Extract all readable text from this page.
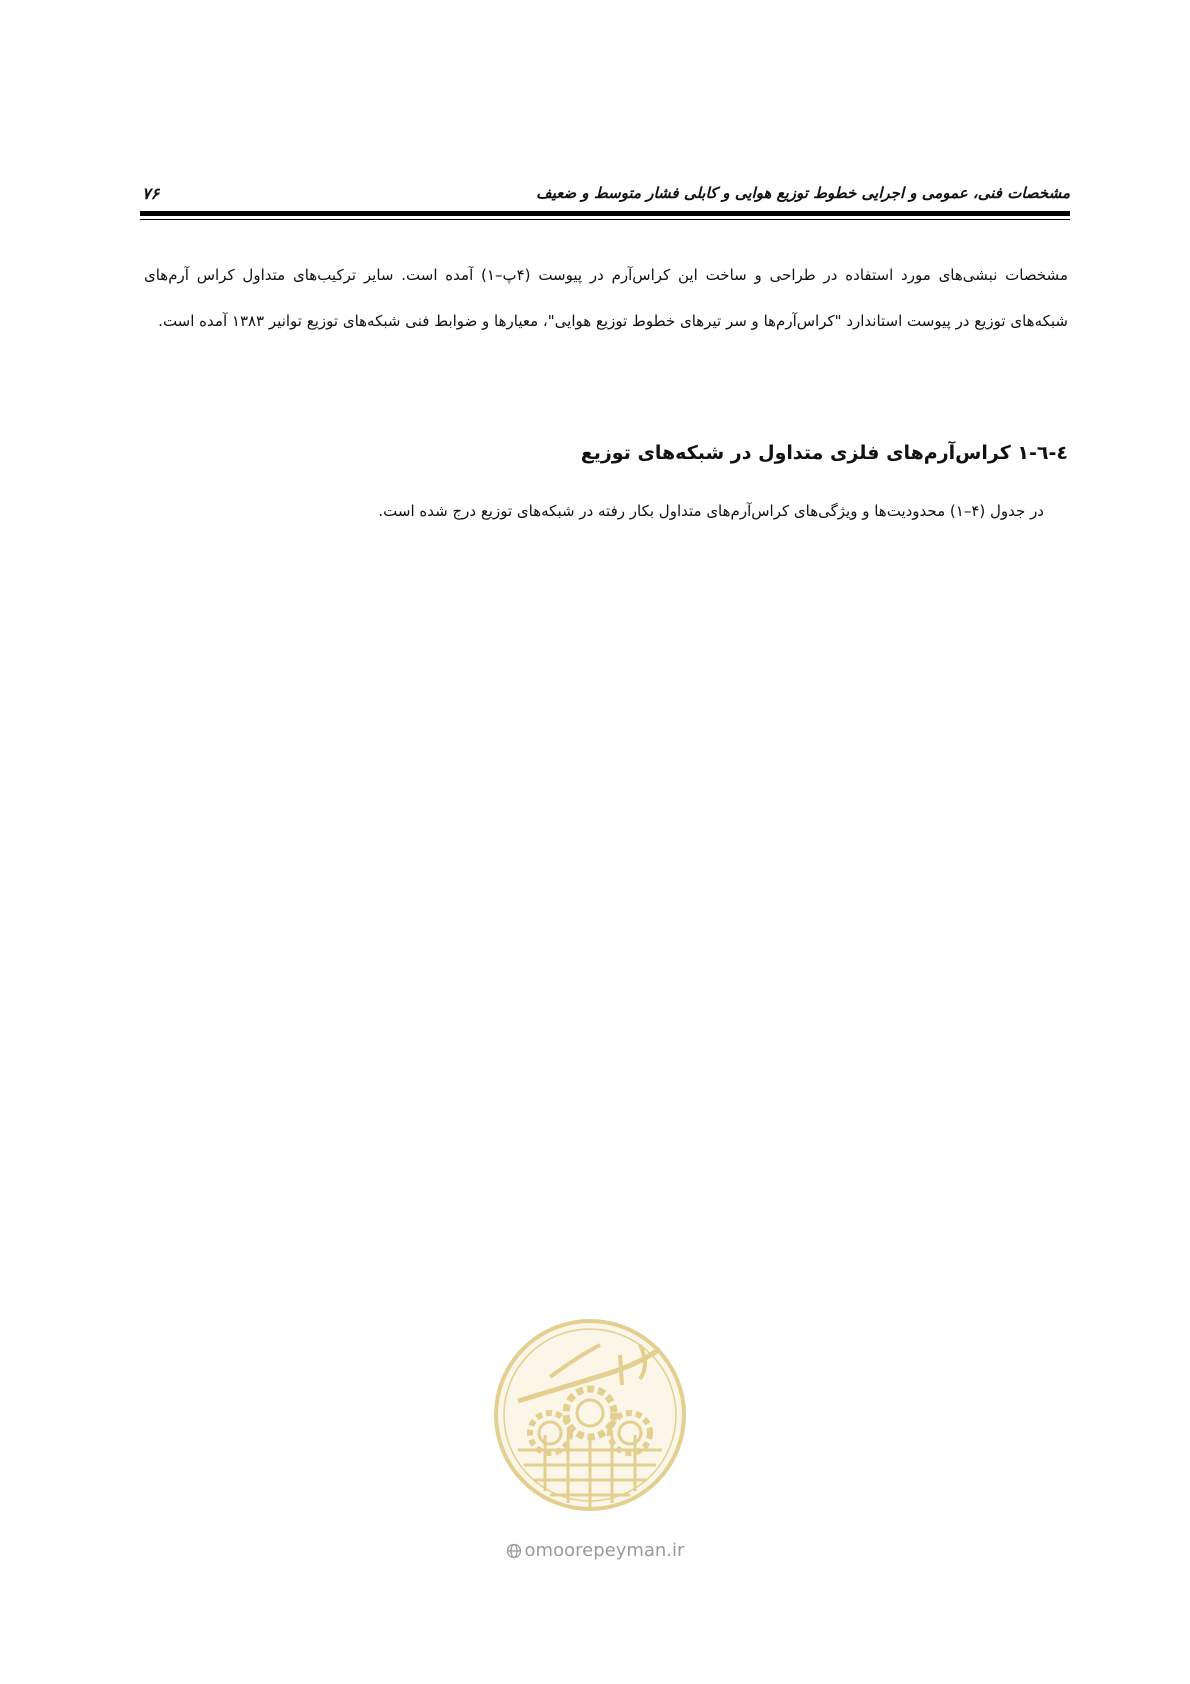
مشخصات فنی، عمومی و اجرایی خطوط توزیع هوایی و کابلی فشار متوسط و ضعیف
۷۶

مشخصات نبشی‌های مورد استفاده در طراحی و ساخت این کراس‌آرم در پیوست (۴پ–۱) آمده است. سایر ترکیب‌های متداول کراس آرم‌های شبکه‌های توزیع در پیوست استاندارد "کراس‌آرم‌ها و سر تیرهای خطوط توزیع هوایی"، معیارها و ضوابط فنی شبکه‌های توزیع توانیر ۱۳۸۳ آمده است.

٤-٦-١ کراس‌آرم‌های فلزی متداول در شبکه‌های توزیع
در جدول (۴–۱) محدودیت‌ها و ویژگی‌های کراس‌آرم‌های متداول بکار رفته در شبکه‌های توزیع درج شده است.
omoorepeyman.ir
